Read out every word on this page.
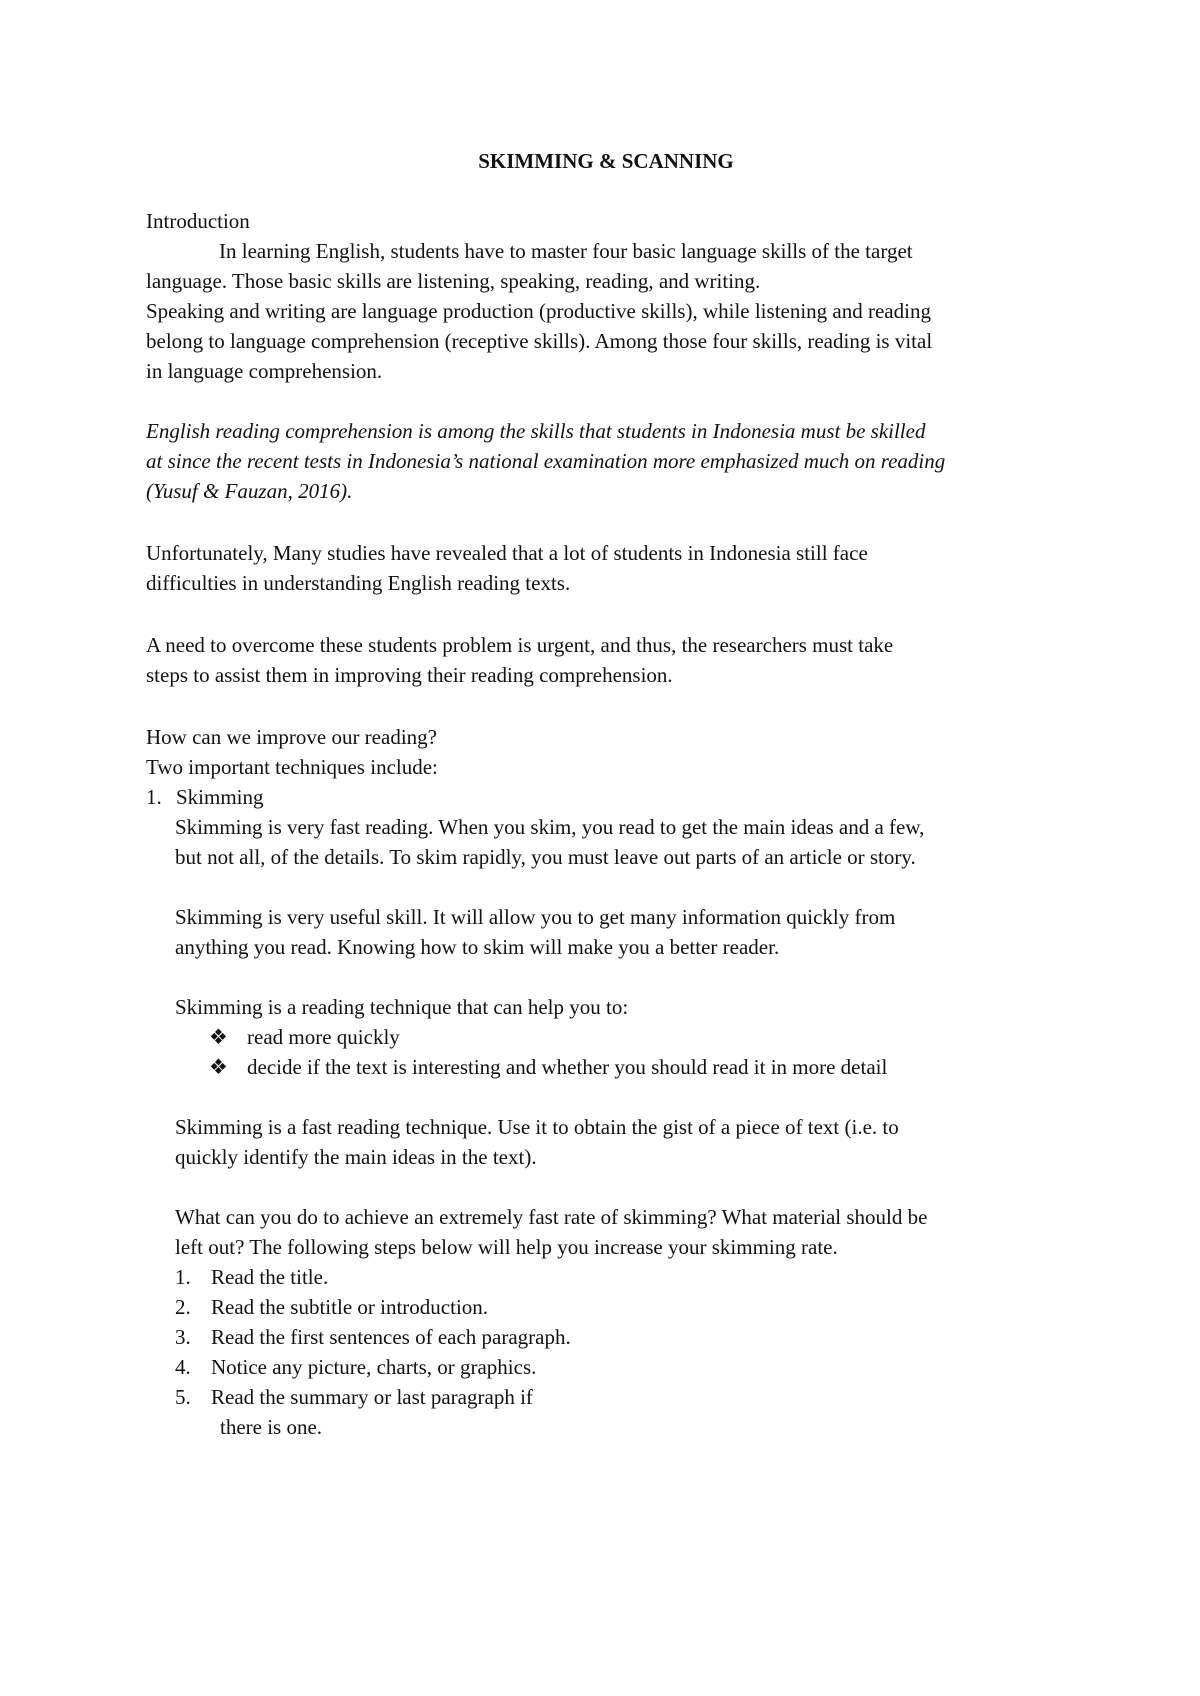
SKIMMING & SCANNING
Introduction

In learning English, students have to master four basic language skills of the target

language. Those basic skills are listening, speaking, reading, and writing.

Speaking and writing are language production (productive skills), while listening and reading

belong to language comprehension (receptive skills). Among those four skills, reading is vital

in language comprehension.

English reading comprehension is among the skills that students in Indonesia must be skilled

at since the recent tests in Indonesia’s national examination more emphasized much on reading

(Yusuf & Fauzan, 2016).

Unfortunately, Many studies have revealed that a lot of students in Indonesia still face

difficulties in understanding English reading texts.

A need to overcome these students problem is urgent, and thus, the researchers must take

steps to assist them in improving their reading comprehension.

How can we improve our reading?
Two important techniques include:
1. Skimming

Skimming is very fast reading. When you skim, you read to get the main ideas and a few,

but not all, of the details. To skim rapidly, you must leave out parts of an article or story.

Skimming is very useful skill. It will allow you to get many information quickly from

anything you read. Knowing how to skim will make you a better reader.

Skimming is a reading technique that can help you to:
❖ read more quickly
❖ decide if the text is interesting and whether you should read it in more detail

Skimming is a fast reading technique. Use it to obtain the gist of a piece of text (i.e. to

quickly identify the main ideas in the text).

What can you do to achieve an extremely fast rate of skimming? What material should be

left out? The following steps below will help you increase your skimming rate.

1. Read the title.
2. Read the subtitle or introduction.
3. Read the first sentences of each paragraph.
4. Notice any picture, charts, or graphics.
5. Read the summary or last paragraph if
there is one.
